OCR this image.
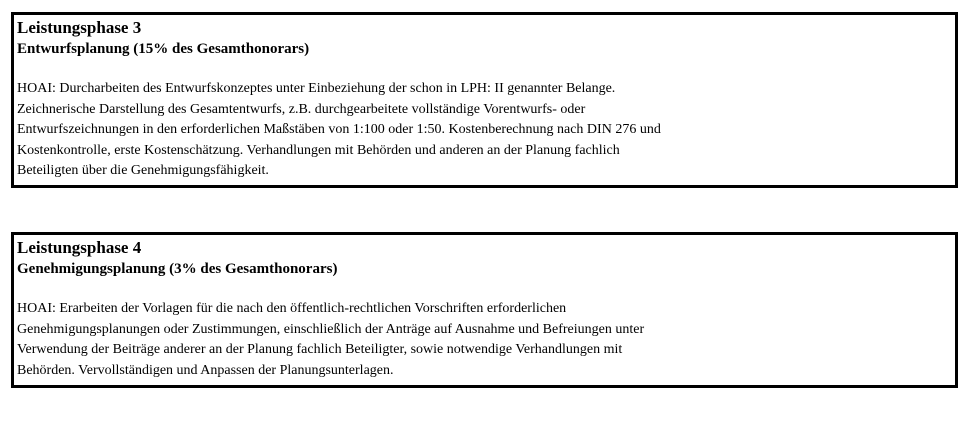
Leistungsphase 3
Entwurfsplanung (15% des Gesamthonorars)
HOAI: Durcharbeiten des Entwurfskonzeptes unter Einbeziehung der schon in LPH: II genannter Belange.
Zeichnerische Darstellung des Gesamtentwurfs, z.B. durchgearbeitete vollständige Vorentwurfs- oder
Entwurfszeichnungen in den erforderlichen Maßstäben von 1:100 oder 1:50. Kostenberechnung nach DIN 276 und
Kostenkontrolle, erste Kostenschätzung. Verhandlungen mit Behörden und anderen an der Planung fachlich
Beteiligten über die Genehmigungsfähigkeit.
Leistungsphase 4
Genehmigungsplanung (3% des Gesamthonorars)
HOAI: Erarbeiten der Vorlagen für die nach den öffentlich-rechtlichen Vorschriften erforderlichen
Genehmigungsplanungen oder Zustimmungen, einschließlich der Anträge auf Ausnahme und Befreiungen unter
Verwendung der Beiträge anderer an der Planung fachlich Beteiligter, sowie notwendige Verhandlungen mit
Behörden. Vervollständigen und Anpassen der Planungsunterlagen.
